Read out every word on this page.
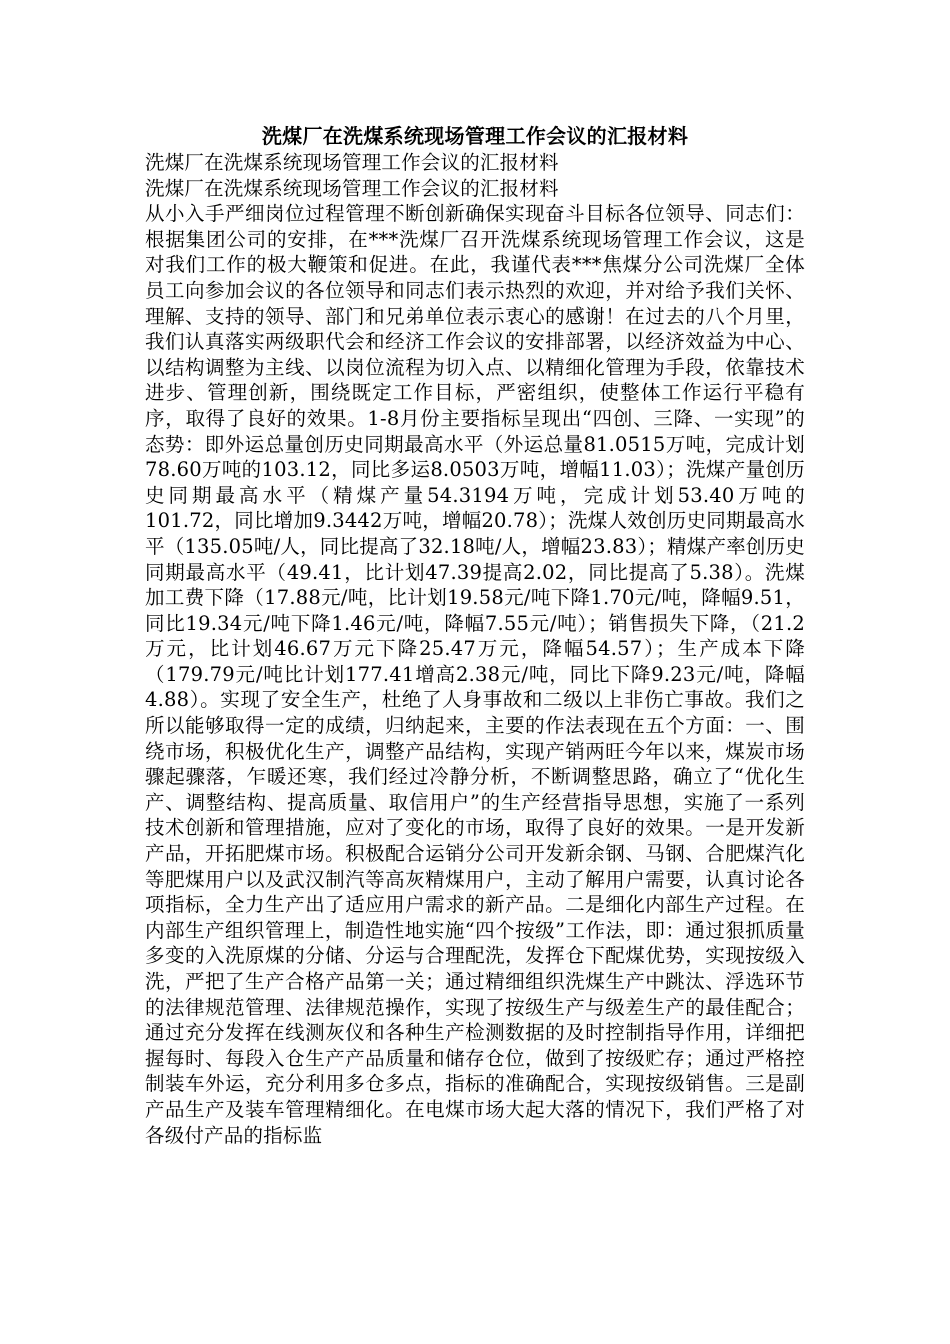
洗煤厂在洗煤系统现场管理工作会议的汇报材料

洗煤厂在洗煤系统现场管理工作会议的汇报材料

洗煤厂在洗煤系统现场管理工作会议的汇报材料

从小入手严细岗位过程管理不断创新确保实现奋斗目标各位领导、同志们：根据集团公司的安排，在***洗煤厂召开洗煤系统现场管理工作会议，这是对我们工作的极大鞭策和促进。在此，我谨代表***焦煤分公司洗煤厂全体员工向参加会议的各位领导和同志们表示热烈的欢迎，并对给予我们关怀、理解、支持的领导、部门和兄弟单位表示衷心的感谢！在过去的八个月里，我们认真落实两级职代会和经济工作会议的安排部署，以经济效益为中心、以结构调整为主线、以岗位流程为切入点、以精细化管理为手段，依靠技术进步、管理创新，围绕既定工作目标，严密组织，使整体工作运行平稳有序，取得了良好的效果。1-8月份主要指标呈现出“四创、三降、一实现”的态势：即外运总量创历史同期最高水平（外运总量81.0515万吨，完成计划78.60万吨的103.12，同比多运8.0503万吨，增幅11.03）；洗煤产量创历史同期最高水平（精煤产量54.3194万吨，完成计划53.40万吨的101.72，同比增加9.3442万吨，增幅20.78）；洗煤人效创历史同期最高水平（135.05吨/人，同比提高了32.18吨/人，增幅23.83）；精煤产率创历史同期最高水平（49.41，比计划47.39提高2.02，同比提高了5.38）。洗煤加工费下降（17.88元/吨，比计划19.58元/吨下降1.70元/吨，降幅9.51，同比19.34元/吨下降1.46元/吨，降幅7.55元/吨）；销售损失下降，（21.2万元，比计划46.67万元下降25.47万元，降幅54.57）；生产成本下降（179.79元/吨比计划177.41增高2.38元/吨，同比下降9.23元/吨，降幅4.88）。实现了安全生产，杜绝了人身事故和二级以上非伤亡事故。我们之所以能够取得一定的成绩，归纳起来，主要的作法表现在五个方面：一、围绕市场，积极优化生产，调整产品结构，实现产销两旺今年以来，煤炭市场骤起骤落，乍暖还寒，我们经过冷静分析，不断调整思路，确立了“优化生产、调整结构、提高质量、取信用户”的生产经营指导思想，实施了一系列技术创新和管理措施，应对了变化的市场，取得了良好的效果。一是开发新产品，开拓肥煤市场。积极配合运销分公司开发新余钢、马钢、合肥煤汽化等肥煤用户以及武汉制汽等高灰精煤用户，主动了解用户需要，认真讨论各项指标，全力生产出了适应用户需求的新产品。二是细化内部生产过程。在内部生产组织管理上，制造性地实施“四个按级”工作法，即：通过狠抓质量多变的入洗原煤的分储、分运与合理配洗，发挥仓下配煤优势，实现按级入洗，严把了生产合格产品第一关；通过精细组织洗煤生产中跳汰、浮选环节的法律规范管理、法律规范操作，实现了按级生产与级差生产的最佳配合；通过充分发挥在线测灰仪和各种生产检测数据的及时控制指导作用，详细把握每时、每段入仓生产产品质量和储存仓位，做到了按级贮存；通过严格控制装车外运，充分利用多仓多点，指标的准确配合，实现按级销售。三是副产品生产及装车管理精细化。在电煤市场大起大落的情况下，我们严格了对各级付产品的指标监
